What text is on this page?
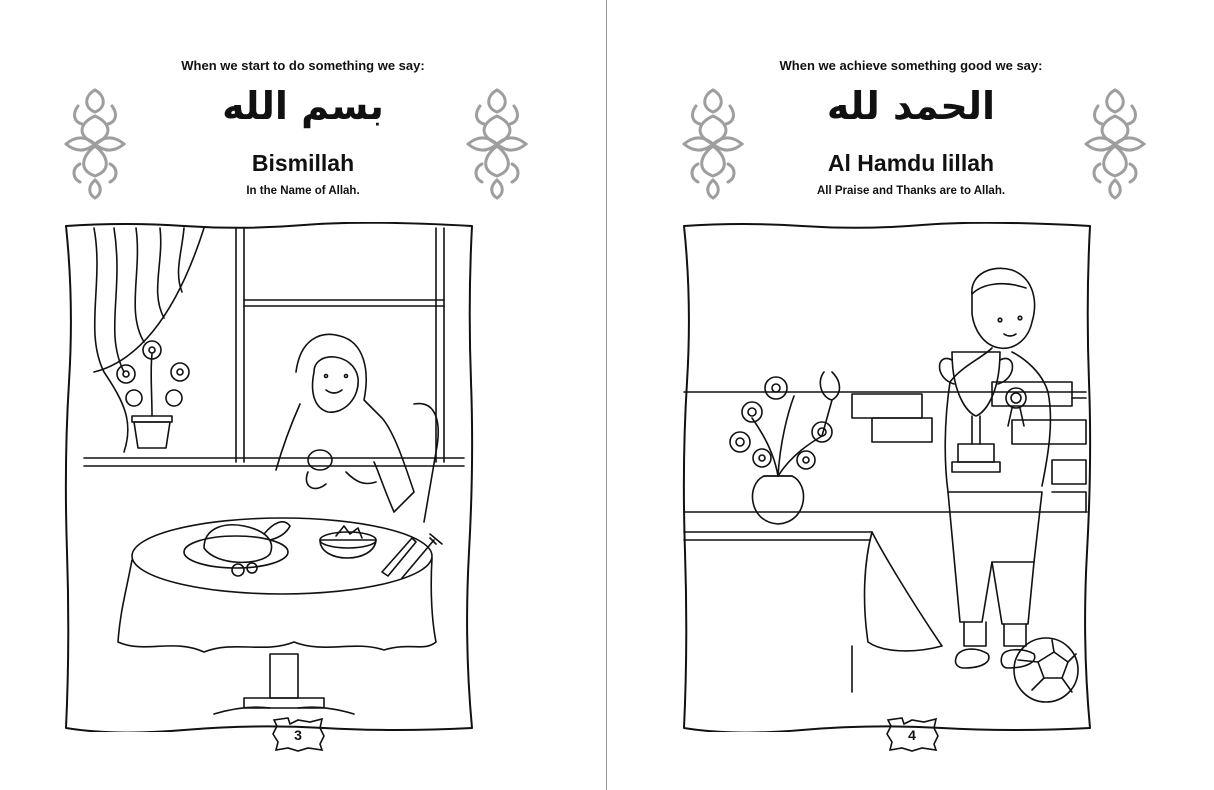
When we start to do something we say:
بسم الله
Bismillah
In the Name of Allah.
3
When we achieve something good we say:
الحمد لله
Al Hamdu lillah
All Praise and Thanks are to Allah.
4
